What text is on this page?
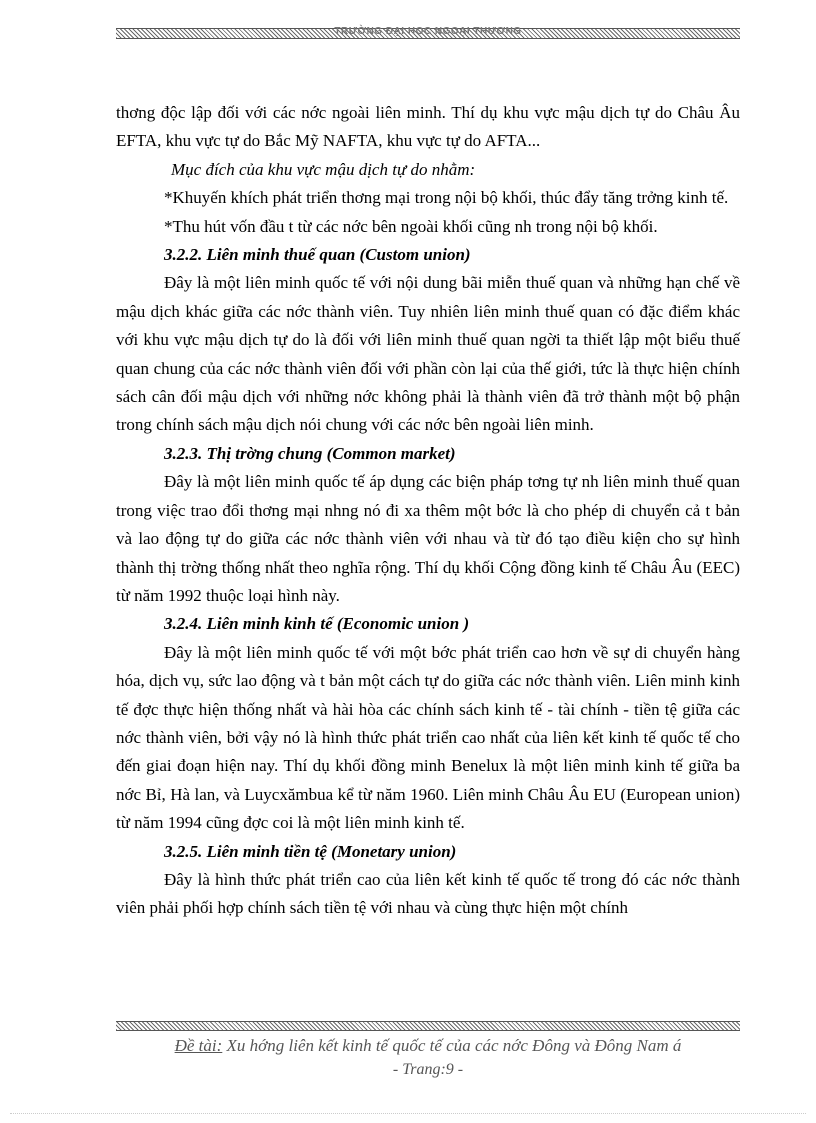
TRƯỜNG ĐẠI HỌC NGOẠI THƯƠNG

thơng độc lập đối với các nớc ngoài liên minh. Thí dụ khu vực mậu dịch tự do Châu Âu EFTA, khu vực tự do Bắc Mỹ NAFTA, khu vực tự do AFTA...

Mục đích của khu vực mậu dịch tự do nhằm:

*Khuyến khích phát triển thơng mại trong nội bộ khối, thúc đẩy tăng trởng kinh tế.

*Thu hút vốn đầu t từ các nớc bên ngoài khối cũng nh trong nội bộ khối.

3.2.2. Liên minh thuế quan (Custom union)

Đây là một liên minh quốc tế với nội dung bãi miễn thuế quan và những hạn chế về mậu dịch khác giữa các nớc thành viên. Tuy nhiên liên minh thuế quan có đặc điểm khác với khu vực mậu dịch tự do là đối với liên minh thuế quan ngời ta thiết lập một biểu thuế quan chung của các nớc thành viên đối với phần còn lại của thế giới, tức là thực hiện chính sách cân đối mậu dịch với những nớc không phải là thành viên đã trở thành một bộ phận trong chính sách mậu dịch nói chung với các nớc bên ngoài liên minh.

3.2.3. Thị trờng chung (Common market)

Đây là một liên minh quốc tế áp dụng các biện pháp tơng tự nh liên minh thuế quan trong việc trao đổi thơng mại nhng nó đi xa thêm một bớc là cho phép di chuyển cả t bản và lao động tự do giữa các nớc thành viên với nhau và từ đó tạo điều kiện cho sự hình thành thị trờng thống nhất theo nghĩa rộng. Thí dụ khối Cộng đồng kinh tế Châu Âu (EEC) từ năm 1992 thuộc loại hình này.

3.2.4. Liên minh kinh tế (Economic union )

Đây là một liên minh quốc tế với một bớc phát triển cao hơn về sự di chuyển hàng hóa, dịch vụ, sức lao động và t bản một cách tự do giữa các nớc thành viên. Liên minh kinh tế đợc thực hiện thống nhất và hài hòa các chính sách kinh tế - tài chính - tiền tệ giữa các nớc thành viên, bởi vậy nó là hình thức phát triển cao nhất của liên kết kinh tế quốc tế cho đến giai đoạn hiện nay. Thí dụ khối đồng minh Benelux là một liên minh kinh tế giữa ba nớc Bỉ, Hà lan, và Luycxămbua kể từ năm 1960. Liên minh Châu Âu EU (European union) từ năm 1994 cũng đợc coi là một liên minh kinh tế.

3.2.5. Liên minh tiền tệ (Monetary union)

Đây là hình thức phát triển cao của liên kết kinh tế quốc tế trong đó các nớc thành viên phải phối hợp chính sách tiền tệ với nhau và cùng thực hiện một chính

Đề tài: Xu hớng liên kết kinh tế quốc tế của các nớc Đông và Đông Nam á
- Trang:9 -
